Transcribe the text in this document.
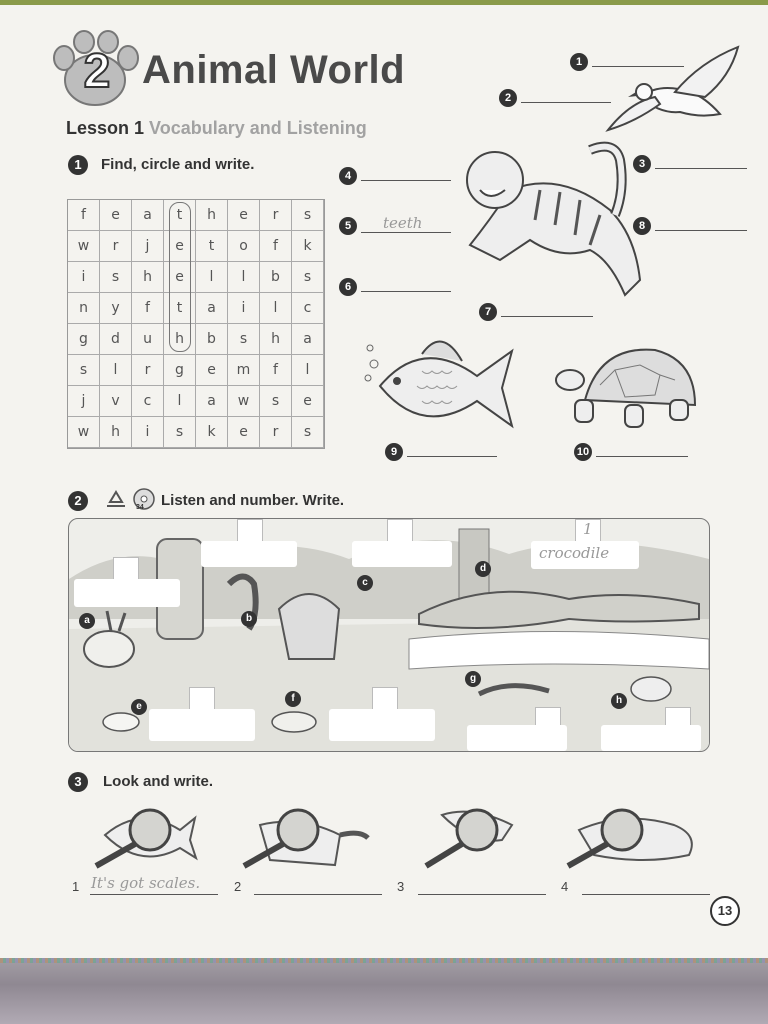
2 Animal World
Lesson 1 Vocabulary and Listening
1	Find, circle and write.
f	e	a	t	h	e	r	s
w	r	j	e	t	o	f	k
i	s	h	e	l	l	b	s
n	y	f	t	a	i	l	c
g	d	u	h	b	s	h	a
s	l	r	g	e	m	f	l
j	v	c	l	a	w	s	e
w	h	i	s	k	e	r	s
1
2
3
4
5	teeth	8
6
7
9	10
2	34 Listen and number. Write.
1
crocodile
a	b
c
d
e
f
g
h
3	Look and write.
1 It's got scales.	2	3	4
13
